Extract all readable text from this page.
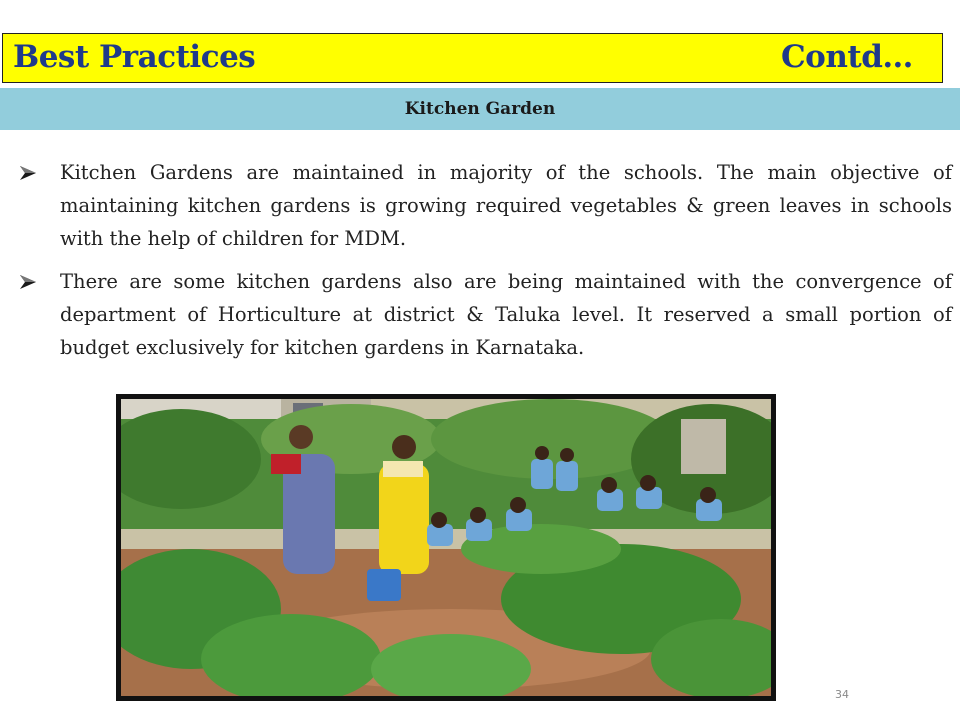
Best Practices	Contd…
Kitchen Garden
Kitchen Gardens are maintained in majority of the schools. The main objective of maintaining kitchen gardens is growing required vegetables & green leaves in schools with the help of children for MDM.
There are some kitchen gardens also are being maintained with the convergence of department of Horticulture at district & Taluka level. It reserved a small portion of budget exclusively for kitchen gardens in Karnataka.
34
